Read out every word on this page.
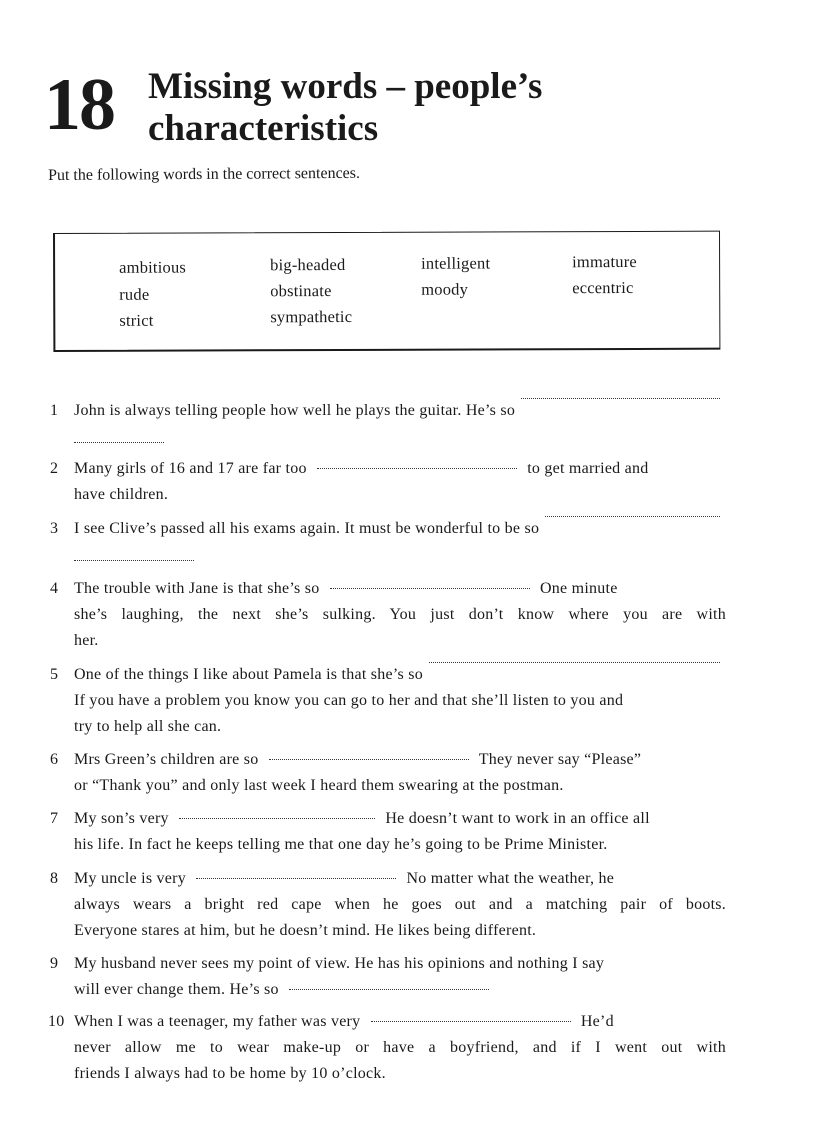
18 Missing words – people’s
characteristics
Put the following words in the correct sentences.
ambitious	big-headed	intelligent	immature
rude	obstinate	moody	eccentric
strict	sympathetic
1 John is always telling people how well he plays the guitar. He’s so
2 Many girls of 16 and 17 are far too	to get married and
have children.
3 I see Clive’s passed all his exams again. It must be wonderful to be so
4 The trouble with Jane is that she’s so	One minute
she’s laughing, the next she’s sulking. You just don’t know where you are with
her.
5 One of the things I like about Pamela is that she’s so
If you have a problem you know you can go to her and that she’ll listen to you and
try to help all she can.
6 Mrs Green’s children are so	They never say “Please”
or “Thank you” and only last week I heard them swearing at the postman.
7 My son’s very	He doesn’t want to work in an office all
his life. In fact he keeps telling me that one day he’s going to be Prime Minister.
8 My uncle is very	No matter what the weather, he
always wears a bright red cape when he goes out and a matching pair of boots.
Everyone stares at him, but he doesn’t mind. He likes being different.
9 My husband never sees my point of view. He has his opinions and nothing I say
will ever change them. He’s so
10 When I was a teenager, my father was very	He’d
never allow me to wear make-up or have a boyfriend, and if I went out with
friends I always had to be home by 10 o’clock.
